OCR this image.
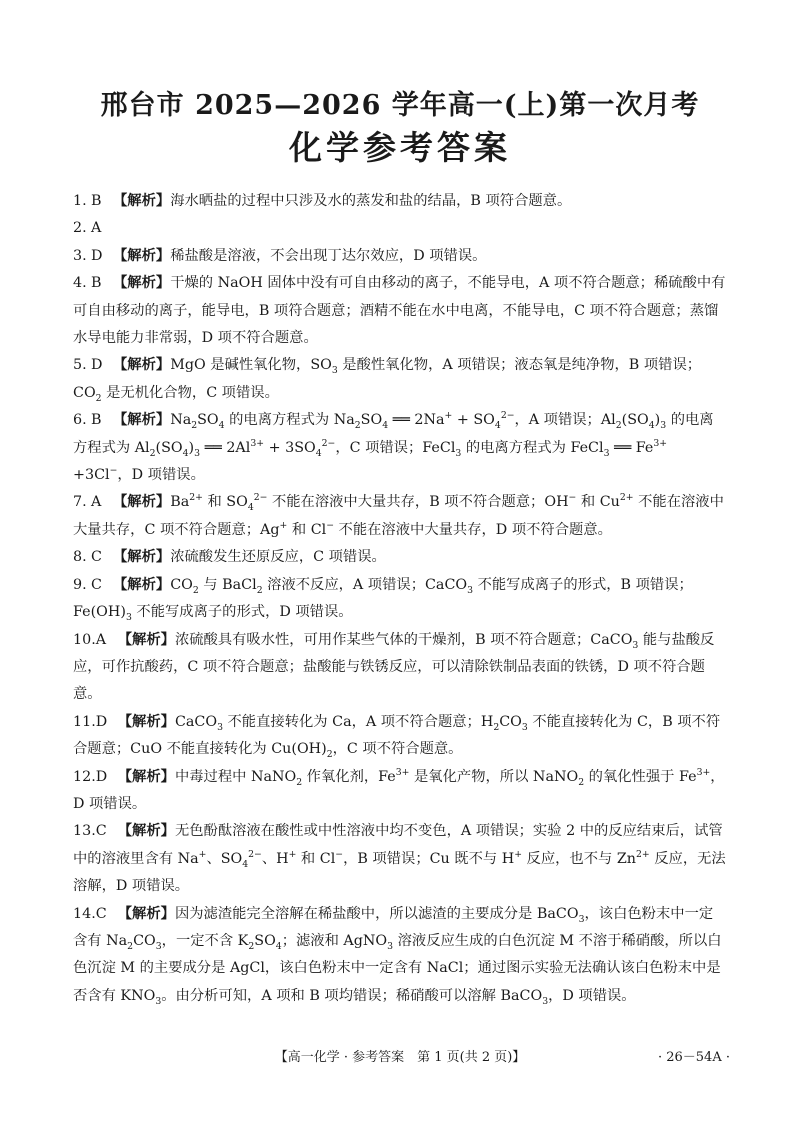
邢台市 2025—2026 学年高一(上)第一次月考
化学参考答案

1. B 【解析】海水晒盐的过程中只涉及水的蒸发和盐的结晶，B 项符合题意。

2. A

3. D 【解析】稀盐酸是溶液，不会出现丁达尔效应，D 项错误。

4. B 【解析】干燥的 NaOH 固体中没有可自由移动的离子，不能导电，A 项不符合题意；稀硫酸中有可自由移动的离子，能导电，B 项符合题意；酒精不能在水中电离，不能导电，C 项不符合题意；蒸馏水导电能力非常弱，D 项不符合题意。

5. D 【解析】MgO 是碱性氧化物，$SO_3$ 是酸性氧化物，A 项错误；液态氧是纯净物，B 项错误；$CO_2$ 是无机化合物，C 项错误。

6. B 【解析】$Na_2SO_4$ 的电离方程式为 $Na_2SO_4$ ══ $2Na^+ + SO_4^{2-}$，A 项错误；$Al_2(SO_4)_3$ 的电离方程式为 $Al_2(SO_4)_3$ ══ $2Al^{3+} + 3SO_4^{2-}$，C 项错误；FeCl$_3$ 的电离方程式为 FeCl$_3$ ══ $Fe^{3+} +3Cl^-$，D 项错误。

7. A 【解析】$Ba^{2+}$ 和 $SO_4^{2-}$ 不能在溶液中大量共存，B 项不符合题意；OH− 和 $Cu^{2+}$ 不能在溶液中大量共存，C 项不符合题意；Ag+ 和 Cl− 不能在溶液中大量共存，D 项不符合题意。

8. C 【解析】浓硫酸发生还原反应，C 项错误。

9. C 【解析】$CO_2$ 与 BaCl$_2$ 溶液不反应，A 项错误；CaCO$_3$ 不能写成离子的形式，B 项错误；$Fe(OH)_3$ 不能写成离子的形式，D 项错误。

10.A 【解析】浓硫酸具有吸水性，可用作某些气体的干燥剂，B 项不符合题意；CaCO$_3$ 能与盐酸反应，可作抗酸药，C 项不符合题意；盐酸能与铁锈反应，可以清除铁制品表面的铁锈，D 项不符合题意。

11.D 【解析】CaCO$_3$ 不能直接转化为 Ca，A 项不符合题意；$H_2CO_3$ 不能直接转化为 C，B 项不符合题意；CuO 不能直接转化为 $Cu(OH)_2$，C 项不符合题意。

12.D 【解析】中毒过程中 NaNO$_2$ 作氧化剂，$Fe^{3+}$ 是氧化产物，所以 NaNO$_2$ 的氧化性强于 $Fe^{3+}$，D 项错误。

13.C 【解析】无色酚酞溶液在酸性或中性溶液中均不变色，A 项错误；实验 2 中的反应结束后，试管中的溶液里含有 Na+、$SO_4^{2-}$、H+ 和 Cl−，B 项错误；Cu 既不与 H+ 反应，也不与 $Zn^{2+}$ 反应，无法溶解，D 项错误。

14.C 【解析】因为滤渣能完全溶解在稀盐酸中，所以滤渣的主要成分是 BaCO$_3$，该白色粉末中一定含有 $Na_2CO_3$，一定不含 $K_2SO_4$；滤液和 AgNO$_3$ 溶液反应生成的白色沉淀 M 不溶于稀硝酸，所以白色沉淀 M 的主要成分是 AgCl，该白色粉末中一定含有 NaCl；通过图示实验无法确认该白色粉末中是否含有 $KNO_3$。由分析可知，A 项和 B 项均错误；稀硝酸可以溶解 BaCO$_3$，D 项错误。

【高一化学 · 参考答案　第 1 页(共 2 页)】	· 26－54A ·
